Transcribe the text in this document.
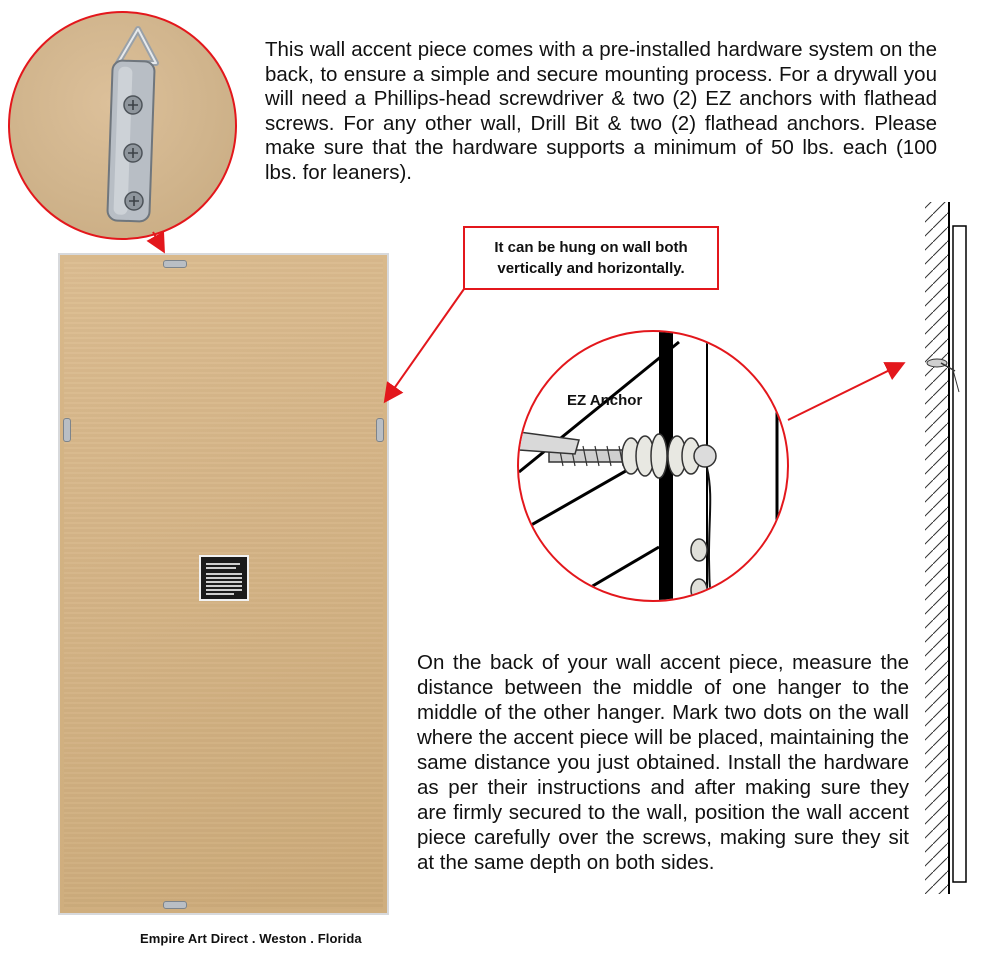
This wall accent piece comes with a pre-installed hardware system on the back, to ensure a simple and secure mounting process. For a drywall you will need a Phillips-head screwdriver & two (2) EZ anchors with flathead screws. For any other wall, Drill Bit & two (2) flathead anchors. Please make sure that the hardware supports a minimum of 50 lbs. each (100 lbs. for leaners).

It can be hung on wall both vertically and horizontally.
EZ Anchor

On the back of your wall accent piece, measure the distance between the middle of one hanger to the middle of the other hanger. Mark two dots on the wall where the accent piece will be placed, maintaining the same distance you just obtained. Install the hardware as per their instructions and after making sure they are firmly secured to the wall, position the wall accent piece carefully over the screws, making sure they sit at the same depth on both sides.

Empire Art Direct . Weston . Florida
